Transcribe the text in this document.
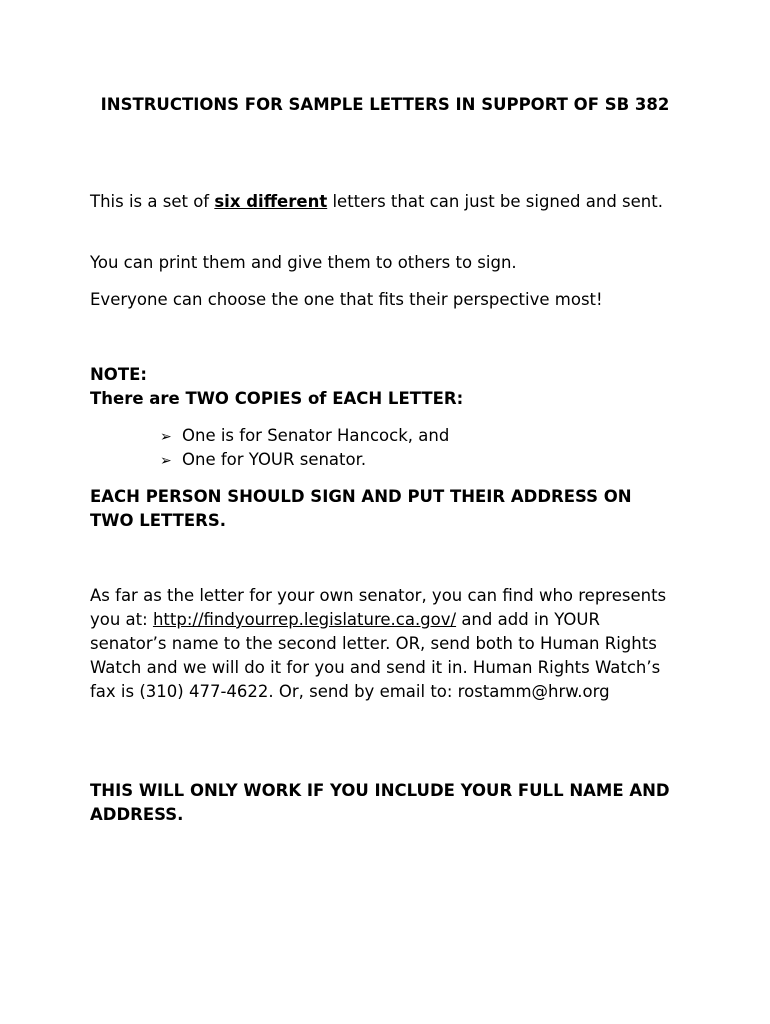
INSTRUCTIONS FOR SAMPLE LETTERS IN SUPPORT OF SB 382
This is a set of six different letters that can just be signed and sent.
You can print them and give them to others to sign.
Everyone can choose the one that fits their perspective most!
NOTE:
There are TWO COPIES of EACH LETTER:
➢ One is for Senator Hancock, and
➢ One for YOUR senator.
EACH PERSON SHOULD SIGN AND PUT THEIR ADDRESS ON TWO LETTERS.
As far as the letter for your own senator, you can find who represents you at: http://findyourrep.legislature.ca.gov/ and add in YOUR senator’s name to the second letter. OR, send both to Human Rights Watch and we will do it for you and send it in. Human Rights Watch’s fax is (310) 477-4622. Or, send by email to: rostamm@hrw.org
THIS WILL ONLY WORK IF YOU INCLUDE YOUR FULL NAME AND ADDRESS.
